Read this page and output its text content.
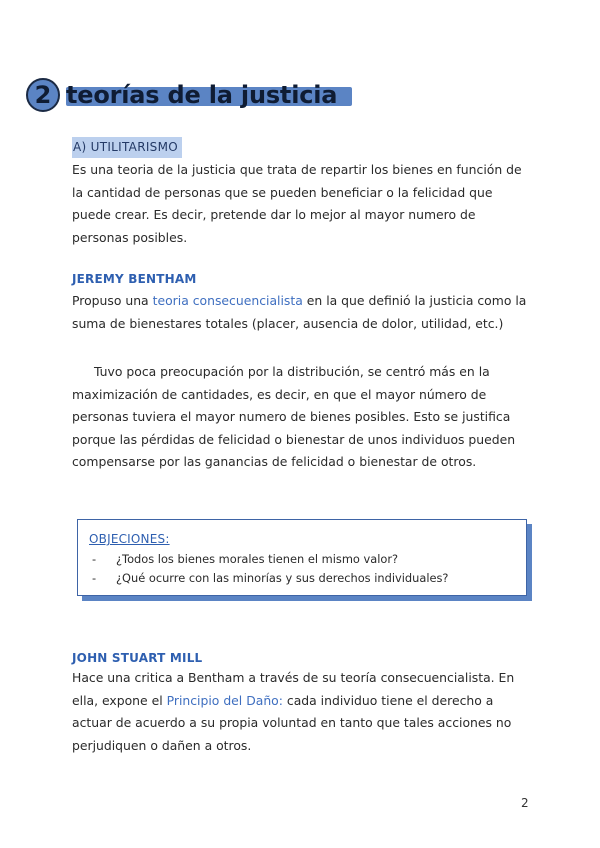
2 teorías de la justicia
A) UTILITARISMO

Es una teoria de la justicia que trata de repartir los bienes en función de la cantidad de personas que se pueden beneficiar o la felicidad que puede crear. Es decir, pretende dar lo mejor al mayor numero de personas posibles.

JEREMY BENTHAM

Propuso una teoria consecuencialista en la que definió la justicia como la suma de bienestares totales (placer, ausencia de dolor, utilidad, etc.)

Tuvo poca preocupación por la distribución, se centró más en la maximización de cantidades, es decir, en que el mayor número de personas tuviera el mayor numero de bienes posibles. Esto se justifica porque las pérdidas de felicidad o bienestar de unos individuos pueden compensarse por las ganancias de felicidad o bienestar de otros.

OBJECIONES:
- ¿Todos los bienes morales tienen el mismo valor?
- ¿Qué ocurre con las minorías y sus derechos individuales?
JOHN STUART MILL

Hace una critica a Bentham a través de su teoría consecuencialista. En ella, expone el Principio del Daño: cada individuo tiene el derecho a actuar de acuerdo a su propia voluntad en tanto que tales acciones no perjudiquen o dañen a otros.

2
